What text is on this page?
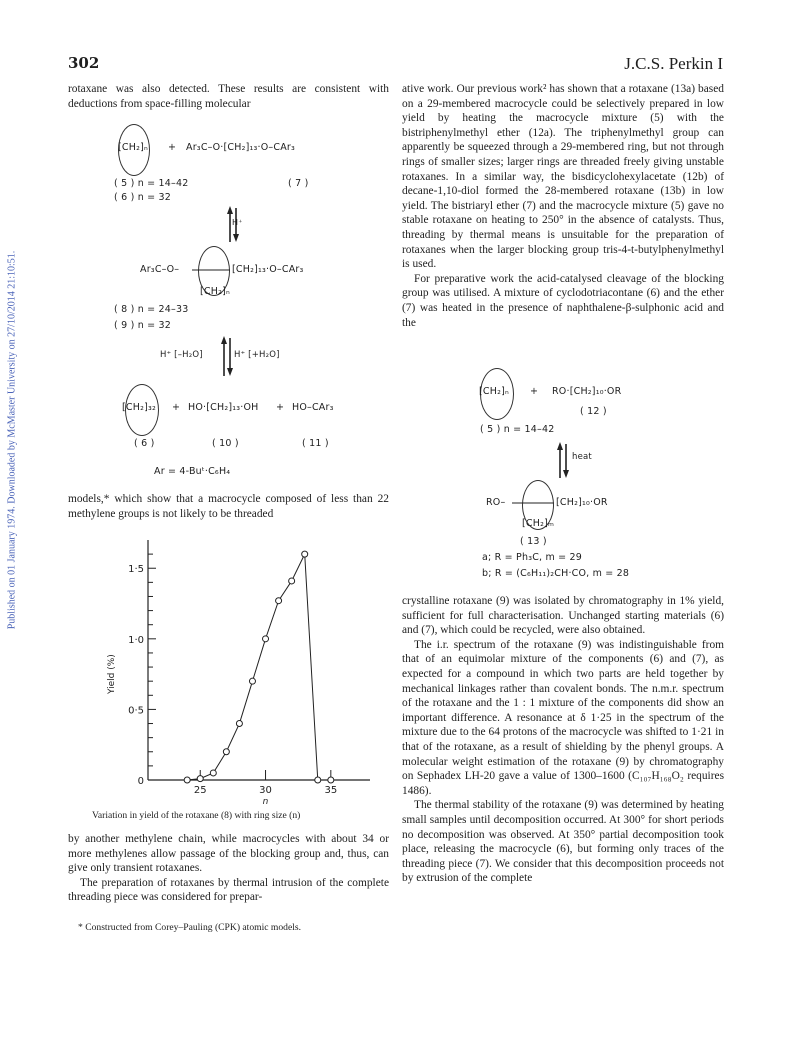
Published on 01 January 1974. Downloaded by McMaster University on 27/10/2014 21:10:51.
302	J.C.S. Perkin I

rotaxane was also detected. These results are consistent with deductions from space-filling molecular

[CH₂]ₙ + Ar₃C–O·[CH₂]₁₃·O–CAr₃
( 5 ) n = 14–42
( 6 ) n = 32
( 7 )
H⁺
Ar₃C–O–	[CH₂]₁₃·O–CAr₃
[CH₂]ₙ
( 8 ) n = 24–33
( 9 ) n = 32
H⁺ [–H₂O]	H⁺ [+H₂O]
[CH₂]₃₂ + HO·[CH₂]₁₃·OH + HO–CAr₃
( 6 )	( 10 )	( 11 )
Ar = 4-Buᵗ·C₆H₄

models,* which show that a macrocycle composed of less than 22 methylene groups is not likely to be threaded

0
0·5
1·0
1·5
25	30	35
n
Yield (%)
Variation in yield of the rotaxane (8) with ring size (n)

by another methylene chain, while macrocycles with about 34 or more methylenes allow passage of the blocking group and, thus, can give only transient rotaxanes.

The preparation of rotaxanes by thermal intrusion of the complete threading piece was considered for prepar-

* Constructed from Corey–Pauling (CPK) atomic models.

ative work. Our previous work² has shown that a rotaxane (13a) based on a 29-membered macrocycle could be selectively prepared in low yield by heating the macrocycle mixture (5) with the bistriphenylmethyl ether (12a). The triphenylmethyl group can apparently be squeezed through a 29-membered ring, but not through rings of smaller sizes; larger rings are threaded freely giving unstable rotaxanes. In a similar way, the bisdicyclohexylacetate (12b) of decane-1,10-diol formed the 28-membered rotaxane (13b) in low yield. The bistriaryl ether (7) and the macrocycle mixture (5) gave no stable rotaxane on heating to 250° in the absence of catalysts. Thus, threading by thermal means is unsuitable for the preparation of rotaxanes when the larger blocking group tris-4-t-butylphenylmethyl is used.

For preparative work the acid-catalysed cleavage of the blocking group was utilised. A mixture of cyclodotriacontane (6) and the ether (7) was heated in the presence of naphthalene-β-sulphonic acid and the

[CH₂]ₙ + RO·[CH₂]₁₀·OR
( 12 )
( 5 ) n = 14–42
heat
RO–	[CH₂]₁₀·OR
[CH₂]ₘ
( 13 )
a; R = Ph₃C, m = 29
b; R = (C₆H₁₁)₂CH·CO, m = 28

crystalline rotaxane (9) was isolated by chromatography in 1% yield, sufficient for full characterisation. Unchanged starting materials (6) and (7), which could be recycled, were also obtained.

The i.r. spectrum of the rotaxane (9) was indistinguishable from that of an equimolar mixture of the components (6) and (7), as expected for a compound in which two parts are held together by mechanical linkages rather than covalent bonds. The n.m.r. spectrum of the rotaxane and the 1 : 1 mixture of the components did show an important difference. A resonance at δ 1·25 in the spectrum of the mixture due to the 64 protons of the macrocycle was shifted to 1·21 in that of the rotaxane, as a result of shielding by the phenyl groups. A molecular weight estimation of the rotaxane (9) by chromatography on Sephadex LH-20 gave a value of 1300–1600 (C₁₀₇H₁₆₈O₂ requires 1486).

The thermal stability of the rotaxane (9) was determined by heating small samples until decomposition occurred. At 300° for short periods no decomposition was observed. At 350° partial decomposition took place, releasing the macrocycle (6), but forming only traces of the threading piece (7). We consider that this decomposition proceeds not by extrusion of the complete
